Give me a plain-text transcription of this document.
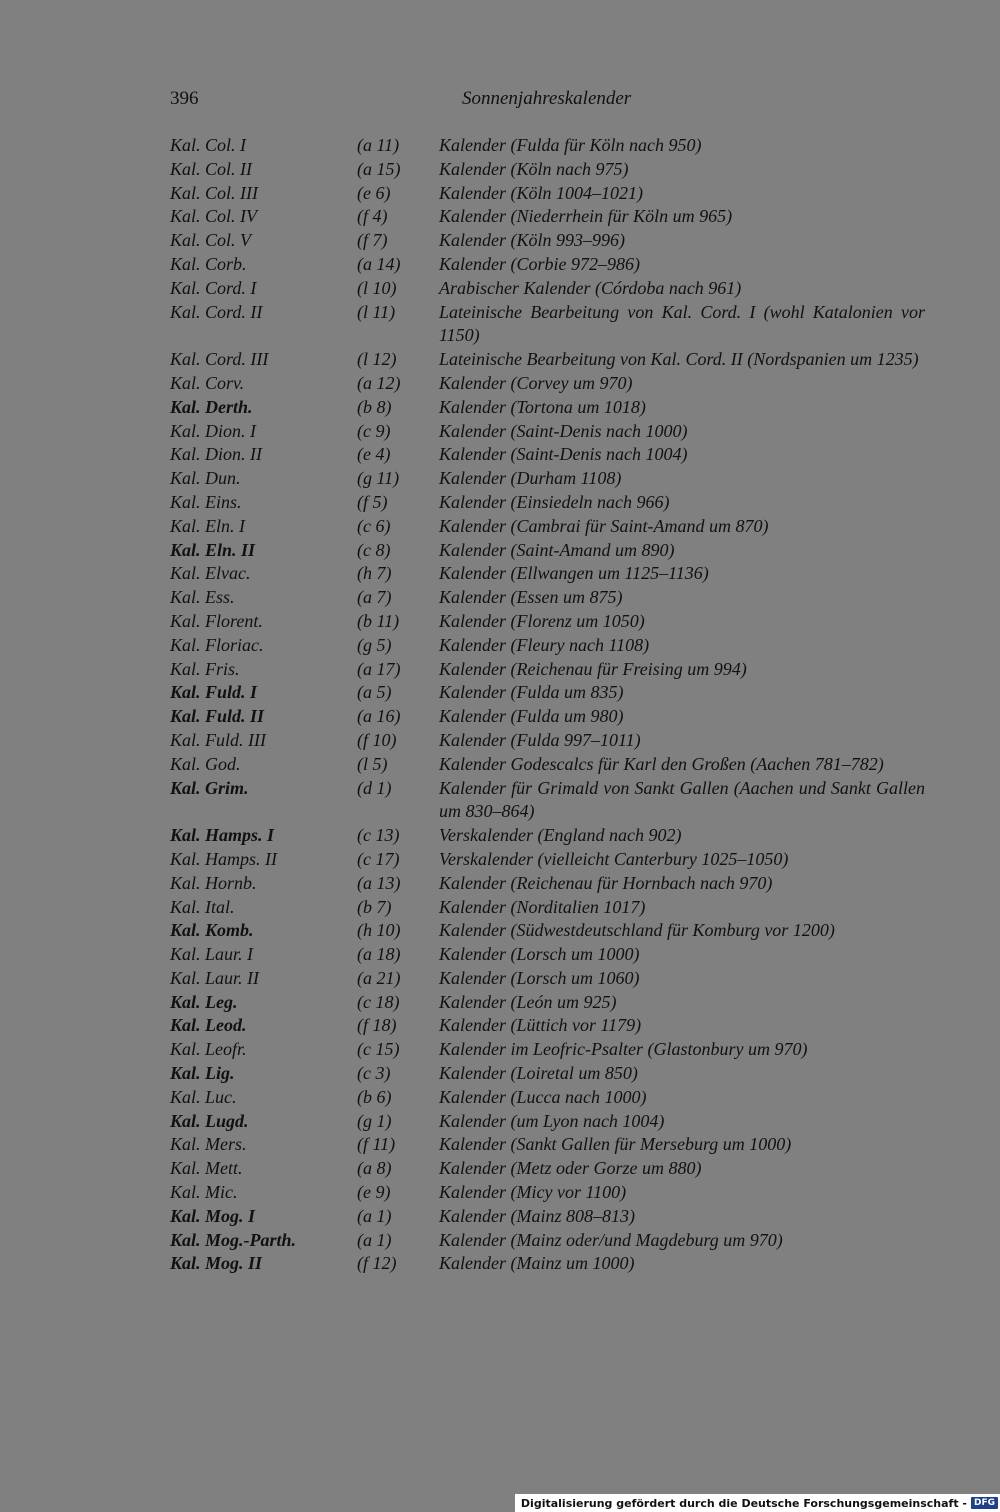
396	Sonnenjahreskalender
Kal. Col. I	(a 11)	Kalender (Fulda für Köln nach 950)
Kal. Col. II	(a 15)	Kalender (Köln nach 975)
Kal. Col. III	(e 6)	Kalender (Köln 1004–1021)
Kal. Col. IV	(f 4)	Kalender (Niederrhein für Köln um 965)
Kal. Col. V	(f 7)	Kalender (Köln 993–996)
Kal. Corb.	(a 14)	Kalender (Corbie 972–986)
Kal. Cord. I	(l 10)	Arabischer Kalender (Córdoba nach 961)
Kal. Cord. II	(l 11)	Lateinische Bearbeitung von Kal. Cord. I (wohl Katalonien vor 1150)
Kal. Cord. III	(l 12)	Lateinische Bearbeitung von Kal. Cord. II (Nordspanien um 1235)
Kal. Corv.	(a 12)	Kalender (Corvey um 970)
Kal. Derth.	(b 8)	Kalender (Tortona um 1018)
Kal. Dion. I	(c 9)	Kalender (Saint-Denis nach 1000)
Kal. Dion. II	(e 4)	Kalender (Saint-Denis nach 1004)
Kal. Dun.	(g 11)	Kalender (Durham 1108)
Kal. Eins.	(f 5)	Kalender (Einsiedeln nach 966)
Kal. Eln. I	(c 6)	Kalender (Cambrai für Saint-Amand um 870)
Kal. Eln. II	(c 8)	Kalender (Saint-Amand um 890)
Kal. Elvac.	(h 7)	Kalender (Ellwangen um 1125–1136)
Kal. Ess.	(a 7)	Kalender (Essen um 875)
Kal. Florent.	(b 11)	Kalender (Florenz um 1050)
Kal. Floriac.	(g 5)	Kalender (Fleury nach 1108)
Kal. Fris.	(a 17)	Kalender (Reichenau für Freising um 994)
Kal. Fuld. I	(a 5)	Kalender (Fulda um 835)
Kal. Fuld. II	(a 16)	Kalender (Fulda um 980)
Kal. Fuld. III	(f 10)	Kalender (Fulda 997–1011)
Kal. God.	(l 5)	Kalender Godescalcs für Karl den Großen (Aachen 781–782)
Kal. Grim.	(d 1)	Kalender für Grimald von Sankt Gallen (Aachen und Sankt Gallen um 830–864)
Kal. Hamps. I	(c 13)	Verskalender (England nach 902)
Kal. Hamps. II	(c 17)	Verskalender (vielleicht Canterbury 1025–1050)
Kal. Hornb.	(a 13)	Kalender (Reichenau für Hornbach nach 970)
Kal. Ital.	(b 7)	Kalender (Norditalien 1017)
Kal. Komb.	(h 10)	Kalender (Südwestdeutschland für Komburg vor 1200)
Kal. Laur. I	(a 18)	Kalender (Lorsch um 1000)
Kal. Laur. II	(a 21)	Kalender (Lorsch um 1060)
Kal. Leg.	(c 18)	Kalender (León um 925)
Kal. Leod.	(f 18)	Kalender (Lüttich vor 1179)
Kal. Leofr.	(c 15)	Kalender im Leofric-Psalter (Glastonbury um 970)
Kal. Lig.	(c 3)	Kalender (Loiretal um 850)
Kal. Luc.	(b 6)	Kalender (Lucca nach 1000)
Kal. Lugd.	(g 1)	Kalender (um Lyon nach 1004)
Kal. Mers.	(f 11)	Kalender (Sankt Gallen für Merseburg um 1000)
Kal. Mett.	(a 8)	Kalender (Metz oder Gorze um 880)
Kal. Mic.	(e 9)	Kalender (Micy vor 1100)
Kal. Mog. I	(a 1)	Kalender (Mainz 808–813)
Kal. Mog.-Parth.	(a 1)	Kalender (Mainz oder/und Magdeburg um 970)
Kal. Mog. II	(f 12)	Kalender (Mainz um 1000)
Digitalisierung gefördert durch die Deutsche Forschungsgemeinschaft - DFG
